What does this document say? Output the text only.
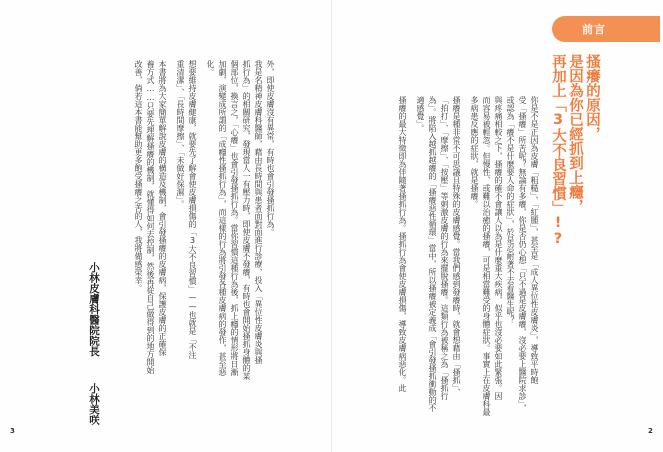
前言
搔癢的原因，
是因為你已經抓到上癮，
再加上「3大不良習慣」!?
你是不是正因為皮膚「粗糙」、「紅腫」，甚至是「成人異位性皮膚炎」，導致平時飽
受「搔癢」所苦呢？無論有多癢，你是否仍心想「只不過是皮膚癢，沒必要上醫院求診」，
或認為「癢不是什麼要人命的症狀」，於是忍耐著不去看醫生呢？
與疼痛相較之下，搔癢的確不會讓人以為是什麼重大疾病，似乎也沒必要如此緊張。因
而容易被輕忽。但慢性、或難以治癒的搔癢，可是相當難受的身體症狀。事實上在皮膚科最
多病患反應的症狀，就是搔癢。
搔癢是種非常不可思議且特殊的皮膚感覺。當我們感到發癢時，就會想藉由「搔抓」、
「拍打」、「摩擦」、「按壓」等刺激皮膚的行為來擺脫搔癢。這類行為被稱之為「搔抓行
為」。將陷入越抓越癢的「搔癢惡性循環」當中，所以搔癢被定義成「會引發搔抓衝動的不
適感覺」。
搔癢的最大特徵即為伴隨著搔抓行為。搔抓行為會使皮膚損傷，導致皮膚病惡化。此
外，即使皮膚沒有異常，有時也會引發搔抓行為。
我是名精神皮膚科醫師，藉由長時間與患者面對面進行診療、投入「異位性皮膚炎與搔
抓行為」的相關研究，發現當人一有壓力時，即使皮膚不發癢，有時也會開始搔抓身體的某
個部位，換言之，「心癢」也會引發搔抓行為。當你習慣這種行為後，抓上癮的情形將日漸
加劇，演變成所謂的「成癮性搔抓行為」，而這樣的行為將引發各種皮膚病的發作，甚至惡
化。
想要維持皮膚健康，就要先了解會使皮膚損傷的「3大不良習慣」——也就是「不注
重清潔」、「長時間摩擦」、「未做好保濕」。
本書將為大家簡單解說皮膚的構造及機制，會引發搔癢的皮膚病，保護皮膚的正確保
養方式……只要先理解搔癢的機制，就懂得如何去控制，然後再從自己做得到的地方開始
改善，倘若這本書能幫助更多飽受搔癢之苦的人，我將備感榮幸。
小林皮膚科醫院院長
小林美咲
3	2
